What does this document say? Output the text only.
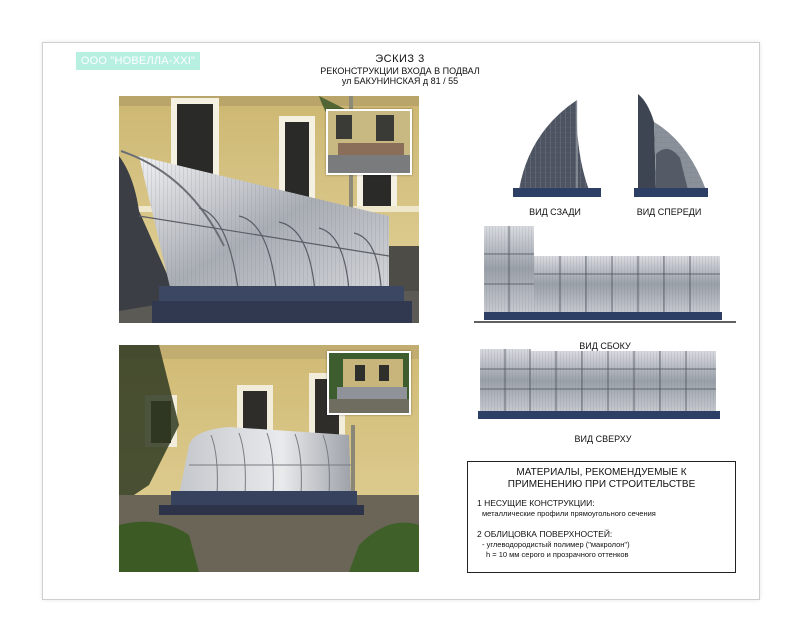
ООО "НОВЕЛЛА-XXI"	ЭСКИЗ 3
РЕКОНСТРУКЦИИ ВХОДА В ПОДВАЛ
ул БАКУНИНСКАЯ д 81 / 55
ВИД СЗАДИ	ВИД СПЕРЕДИ
ВИД СБОКУ
ВИД СВЕРХУ
МАТЕРИАЛЫ, РЕКОМЕНДУЕМЫЕ К
ПРИМЕНЕНИЮ ПРИ СТРОИТЕЛЬСТВЕ
1 НЕСУЩИЕ КОНСТРУКЦИИ:
металлические профили прямоугольного сечения
2 ОБЛИЦОВКА ПОВЕРХНОСТЕЙ:
- углеводородистый полимер ("макролон")
h = 10 мм серого и прозрачного оттенков
